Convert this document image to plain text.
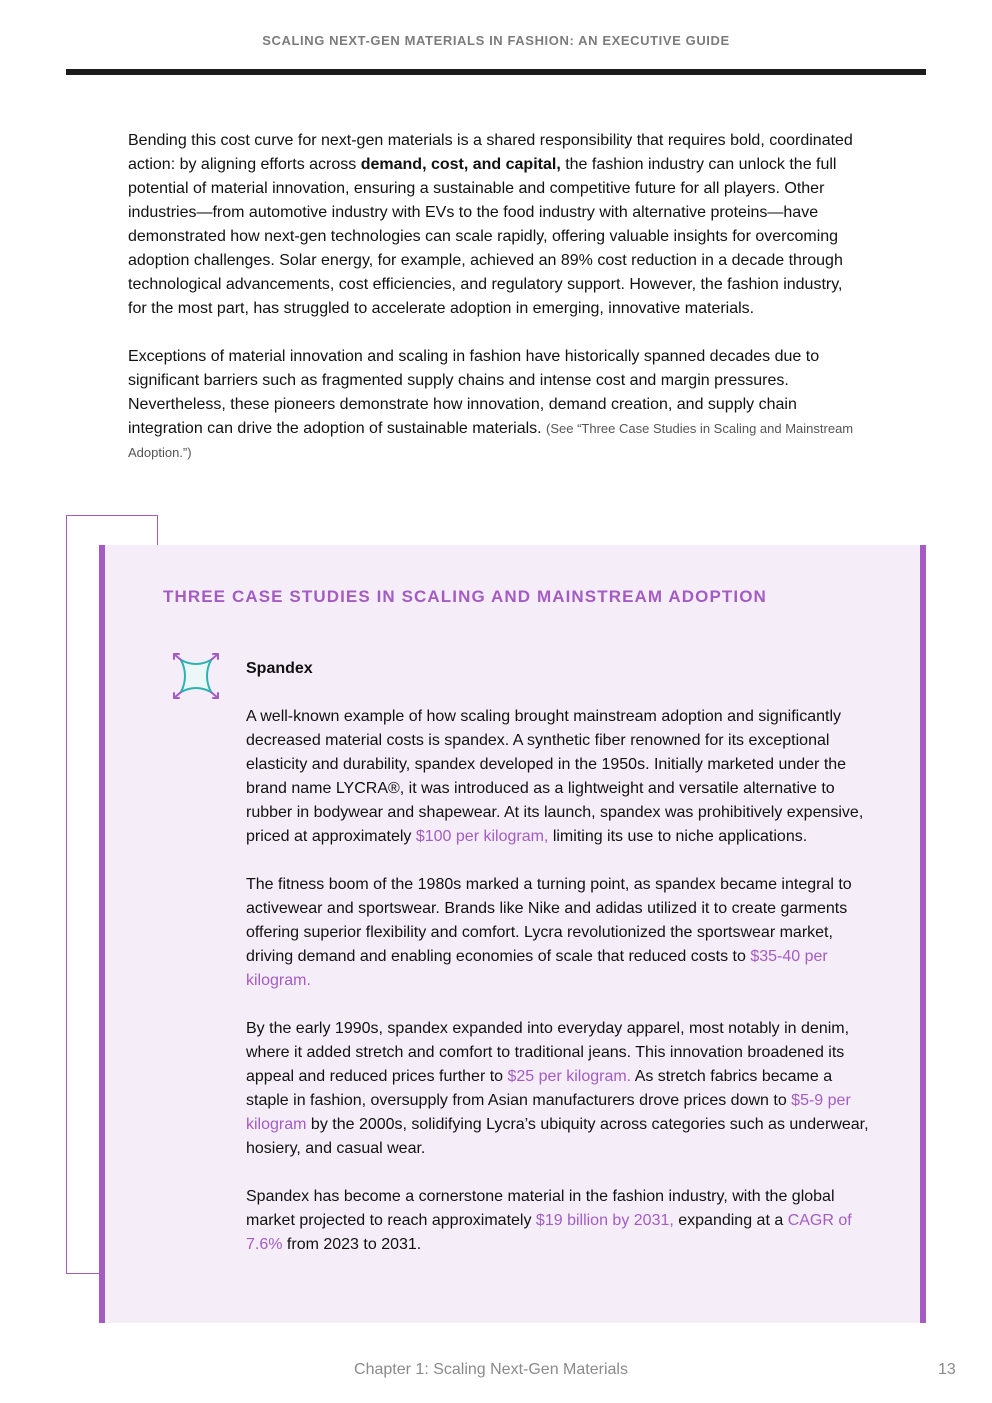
SCALING NEXT-GEN MATERIALS IN FASHION: AN EXECUTIVE GUIDE

Bending this cost curve for next-gen materials is a shared responsibility that requires bold, coordinated action: by aligning efforts across demand, cost, and capital, the fashion industry can unlock the full potential of material innovation, ensuring a sustainable and competitive future for all players. Other industries—from automotive industry with EVs to the food industry with alternative proteins—have demonstrated how next-gen technologies can scale rapidly, offering valuable insights for overcoming adoption challenges. Solar energy, for example, achieved an 89% cost reduction in a decade through technological advancements, cost efficiencies, and regulatory support. However, the fashion industry, for the most part, has struggled to accelerate adoption in emerging, innovative materials.

Exceptions of material innovation and scaling in fashion have historically spanned decades due to significant barriers such as fragmented supply chains and intense cost and margin pressures. Nevertheless, these pioneers demonstrate how innovation, demand creation, and supply chain integration can drive the adoption of sustainable materials. (See “Three Case Studies in Scaling and Mainstream Adoption.”)

THREE CASE STUDIES IN SCALING AND MAINSTREAM ADOPTION

Spandex

A well-known example of how scaling brought mainstream adoption and significantly decreased material costs is spandex. A synthetic fiber renowned for its exceptional elasticity and durability, spandex developed in the 1950s. Initially marketed under the brand name LYCRA®, it was introduced as a lightweight and versatile alternative to rubber in bodywear and shapewear. At its launch, spandex was prohibitively expensive, priced at approximately $100 per kilogram, limiting its use to niche applications.

The fitness boom of the 1980s marked a turning point, as spandex became integral to activewear and sportswear. Brands like Nike and adidas utilized it to create garments offering superior flexibility and comfort. Lycra revolutionized the sportswear market, driving demand and enabling economies of scale that reduced costs to $35-40 per kilogram.

By the early 1990s, spandex expanded into everyday apparel, most notably in denim, where it added stretch and comfort to traditional jeans. This innovation broadened its appeal and reduced prices further to $25 per kilogram. As stretch fabrics became a staple in fashion, oversupply from Asian manufacturers drove prices down to $5-9 per kilogram by the 2000s, solidifying Lycra’s ubiquity across categories such as underwear, hosiery, and casual wear.

Spandex has become a cornerstone material in the fashion industry, with the global market projected to reach approximately $19 billion by 2031, expanding at a CAGR of 7.6% from 2023 to 2031.

Chapter 1: Scaling Next-Gen Materials	13
